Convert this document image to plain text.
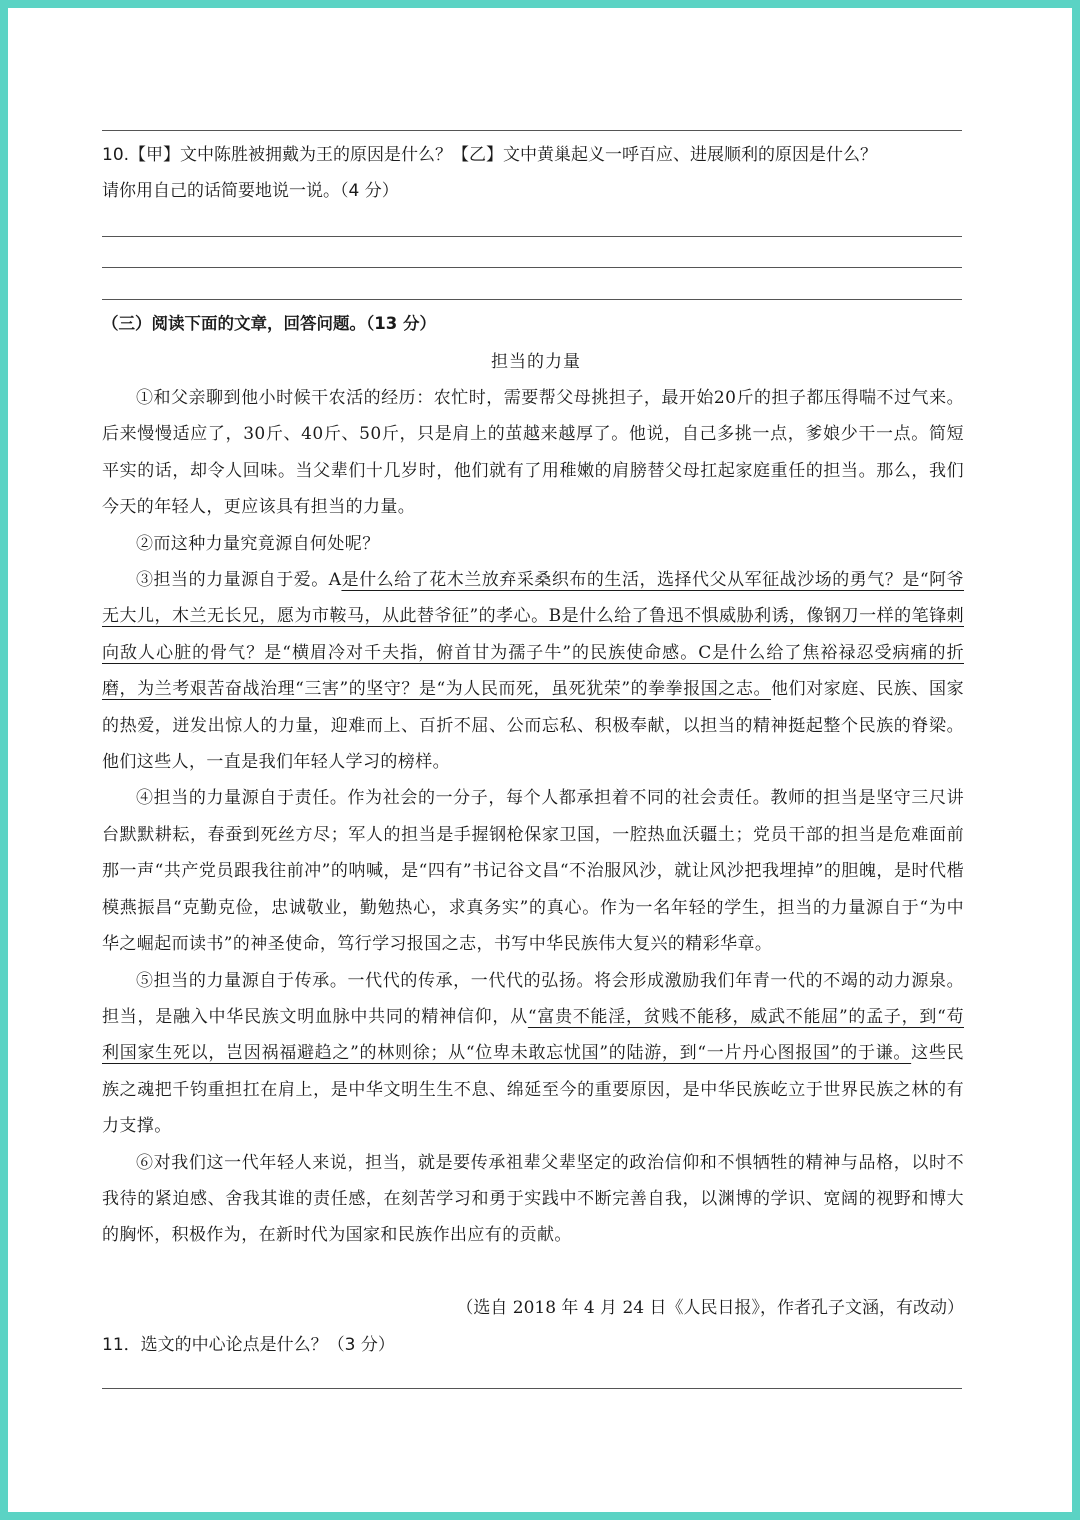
10.【甲】文中陈胜被拥戴为王的原因是什么？【乙】文中黄巢起义一呼百应、进展顺利的原因是什么？
请你用自己的话简要地说一说。（4 分）
（三）阅读下面的文章，回答问题。（13 分）
担当的力量

①和父亲聊到他小时候干农活的经历：农忙时，需要帮父母挑担子，最开始20斤的担子都压得喘不过气来。后来慢慢适应了，30斤、40斤、50斤，只是肩上的茧越来越厚了。他说，自己多挑一点，爹娘少干一点。简短平实的话，却令人回味。当父辈们十几岁时，他们就有了用稚嫩的肩膀替父母扛起家庭重任的担当。那么，我们今天的年轻人，更应该具有担当的力量。

②而这种力量究竟源自何处呢？

③担当的力量源自于爱。A是什么给了花木兰放弃采桑织布的生活，选择代父从军征战沙场的勇气？是“阿爷无大儿，木兰无长兄，愿为市鞍马，从此替爷征”的孝心。B是什么给了鲁迅不惧威胁利诱，像钢刀一样的笔锋刺向敌人心脏的骨气？是“横眉冷对千夫指，俯首甘为孺子牛”的民族使命感。C是什么给了焦裕禄忍受病痛的折磨，为兰考艰苦奋战治理“三害”的坚守？是“为人民而死，虽死犹荣”的拳拳报国之志。他们对家庭、民族、国家的热爱，迸发出惊人的力量，迎难而上、百折不屈、公而忘私、积极奉献，以担当的精神挺起整个民族的脊梁。他们这些人，一直是我们年轻人学习的榜样。

④担当的力量源自于责任。作为社会的一分子，每个人都承担着不同的社会责任。教师的担当是坚守三尺讲台默默耕耘，春蚕到死丝方尽；军人的担当是手握钢枪保家卫国，一腔热血沃疆土；党员干部的担当是危难面前那一声“共产党员跟我往前冲”的呐喊，是“四有”书记谷文昌“不治服风沙，就让风沙把我埋掉”的胆魄，是时代楷模燕振昌“克勤克俭，忠诚敬业，勤勉热心，求真务实”的真心。作为一名年轻的学生，担当的力量源自于“为中华之崛起而读书”的神圣使命，笃行学习报国之志，书写中华民族伟大复兴的精彩华章。

⑤担当的力量源自于传承。一代代的传承，一代代的弘扬。将会形成激励我们年青一代的不竭的动力源泉。担当，是融入中华民族文明血脉中共同的精神信仰，从“富贵不能淫，贫贱不能移，威武不能屈”的孟子，到“苟利国家生死以，岂因祸福避趋之”的林则徐；从“位卑未敢忘忧国”的陆游，到“一片丹心图报国”的于谦。这些民族之魂把千钧重担扛在肩上，是中华文明生生不息、绵延至今的重要原因，是中华民族屹立于世界民族之林的有力支撑。

⑥对我们这一代年轻人来说，担当，就是要传承祖辈父辈坚定的政治信仰和不惧牺牲的精神与品格，以时不我待的紧迫感、舍我其谁的责任感，在刻苦学习和勇于实践中不断完善自我，以渊博的学识、宽阔的视野和博大的胸怀，积极作为，在新时代为国家和民族作出应有的贡献。

（选自 2018 年 4 月 24 日《人民日报》，作者孔子文涵，有改动）
11．选文的中心论点是什么？（3 分）
